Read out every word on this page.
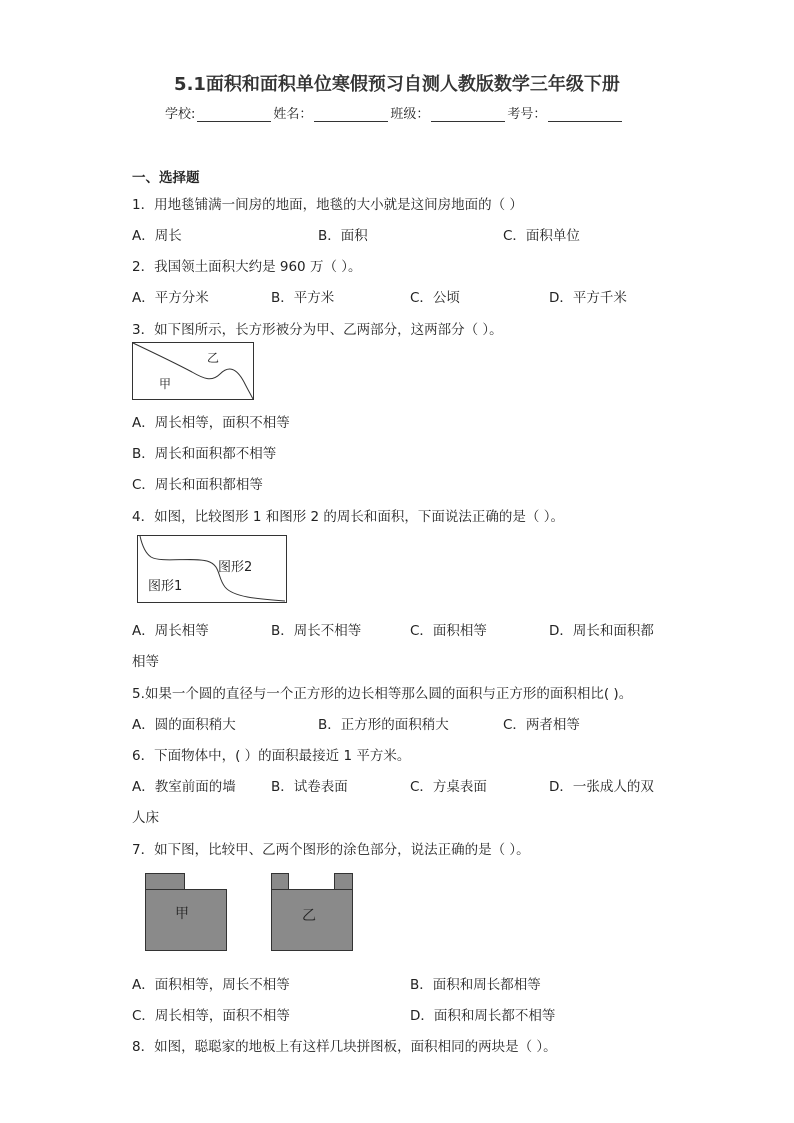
5.1面积和面积单位寒假预习自测人教版数学三年级下册
学校:	姓名：	班级：	考号：
一、选择题
1．用地毯铺满一间房的地面，地毯的大小就是这间房地面的（ ）
A．周长	B．面积	C．面积单位
2．我国领土面积大约是 960 万（ ）。
A．平方分米	B．平方米	C．公顷	D．平方千米
3．如下图所示，长方形被分为甲、乙两部分，这两部分（ ）。
乙
甲
A．周长相等，面积不相等
B．周长和面积都不相等
C．周长和面积都相等
4．如图，比较图形 1 和图形 2 的周长和面积，下面说法正确的是（ ）。
图形2
图形1
A．周长相等	B．周长不相等	C．面积相等	D．周长和面积都
相等
5.如果一个圆的直径与一个正方形的边长相等那么圆的面积与正方形的面积相比( )。
A．圆的面积稍大	B．正方形的面积稍大	C．两者相等
6．下面物体中，( ）的面积最接近 1 平方米。
A．教室前面的墙	B．试卷表面	C．方桌表面	D．一张成人的双
人床
7．如下图，比较甲、乙两个图形的涂色部分，说法正确的是（ ）。
甲	乙
A．面积相等，周长不相等	B．面积和周长都相等
C．周长相等，面积不相等	D．面积和周长都不相等
8．如图，聪聪家的地板上有这样几块拼图板，面积相同的两块是（ ）。
